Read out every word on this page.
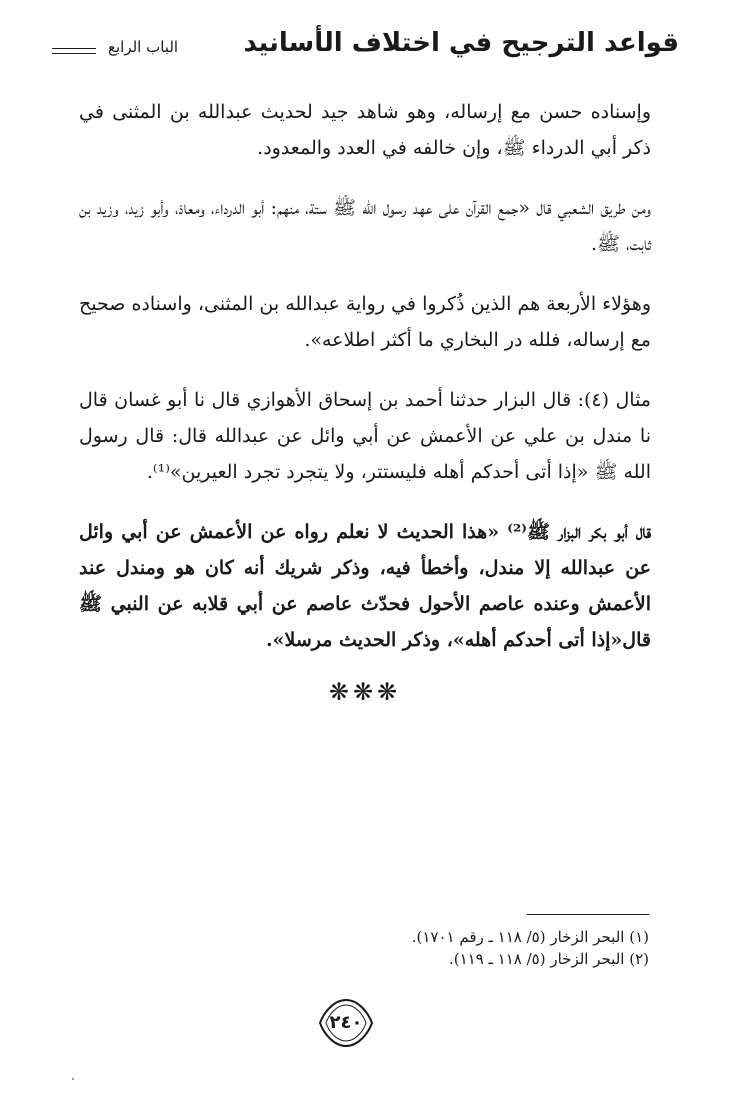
قواعد الترجيح في اختلاف الأسانيد
الباب الرابع

وإسناده حسن مع إرساله، وهو شاهد جيد لحديث عبدالله بن المثنى في ذكر أبي الدرداء ﷺ، وإن خالفه في العدد والمعدود.

ومن طريق الشعبي قال «جمع القرآن على عهد رسول الله ﷺ ستة، منهم: أبو الدرداء، ومعاذ، وأبو زيد، وزيد بن ثابت، ﷺ.

وهؤلاء الأربعة هم الذين ذُكروا في رواية عبدالله بن المثنى، واسناده صحيح مع إرساله، فلله در البخاري ما أكثر اطلاعه».

مثال (٤): قال البزار حدثنا أحمد بن إسحاق الأهوازي قال نا أبو غسان قال نا مندل بن علي عن الأعمش عن أبي وائل عن عبدالله قال: قال رسول الله ﷺ «إذا أتى أحدكم أهله فليستتر، ولا يتجرد تجرد العيرين»⁽¹⁾.

قال أبو بكر البزار ﷺ⁽²⁾ «هذا الحديث لا نعلم رواه عن الأعمش عن أبي وائل عن عبدالله إلا مندل، وأخطأ فيه، وذكر شريك أنه كان هو ومندل عند الأعمش وعنده عاصم الأحول فحدّث عاصم عن أبي قلابه عن النبي ﷺ قال«إذا أتى أحدكم أهله»، وذكر الحديث مرسلا».

❋❋❋

(١) البحر الزخار (٥/ ١١٨ ـ رقم ١٧٠١).

(٢) البحر الزخار (٥/ ١١٨ ـ ١١٩).

٢٤٠
